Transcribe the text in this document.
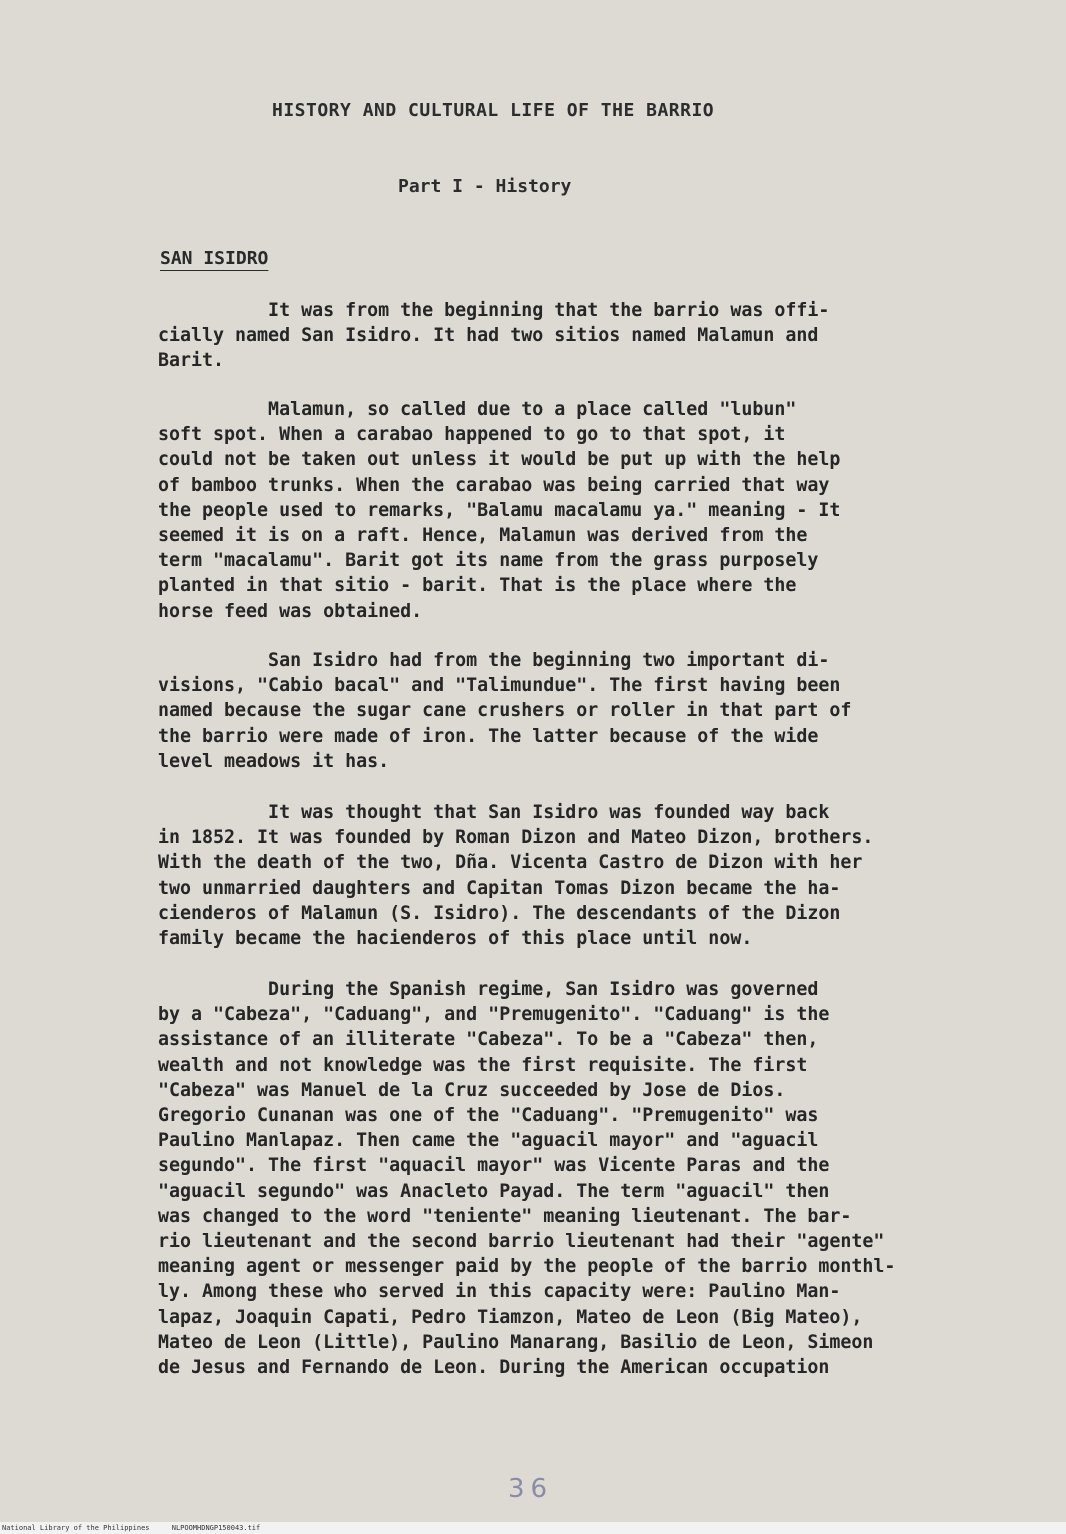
HISTORY AND CULTURAL LIFE OF THE BARRIO
Part I - History
SAN ISIDRO

It was from the beginning that the barrio was offi-
cially named San Isidro. It had two sitios named Malamun and
Barit.

Malamun, so called due to a place called "lubun"
soft spot. When a carabao happened to go to that spot, it
could not be taken out unless it would be put up with the help
of bamboo trunks. When the carabao was being carried that way
the people used to remarks, "Balamu macalamu ya." meaning - It
seemed it is on a raft. Hence, Malamun was derived from the
term "macalamu". Barit got its name from the grass purposely
planted in that sitio - barit. That is the place where the
horse feed was obtained.

San Isidro had from the beginning two important di-
visions, "Cabio bacal" and "Talimundue". The first having been
named because the sugar cane crushers or roller in that part of
the barrio were made of iron. The latter because of the wide
level meadows it has.

It was thought that San Isidro was founded way back
in 1852. It was founded by Roman Dizon and Mateo Dizon, brothers.
With the death of the two, Dña. Vicenta Castro de Dizon with her
two unmarried daughters and Capitan Tomas Dizon became the ha-
cienderos of Malamun (S. Isidro). The descendants of the Dizon
family became the hacienderos of this place until now.

During the Spanish regime, San Isidro was governed
by a "Cabeza", "Caduang", and "Premugenito". "Caduang" is the
assistance of an illiterate "Cabeza". To be a "Cabeza" then,
wealth and not knowledge was the first requisite. The first
"Cabeza" was Manuel de la Cruz succeeded by Jose de Dios.
Gregorio Cunanan was one of the "Caduang". "Premugenito" was
Paulino Manlapaz. Then came the "aguacil mayor" and "aguacil
segundo". The first "aquacil mayor" was Vicente Paras and the
"aguacil segundo" was Anacleto Payad. The term "aguacil" then
was changed to the word "teniente" meaning lieutenant. The bar-
rio lieutenant and the second barrio lieutenant had their "agente"
meaning agent or messenger paid by the people of the barrio monthl-
ly. Among these who served in this capacity were: Paulino Man-
lapaz, Joaquin Capati, Pedro Tiamzon, Mateo de Leon (Big Mateo),
Mateo de Leon (Little), Paulino Manarang, Basilio de Leon, Simeon
de Jesus and Fernando de Leon. During the American occupation

36
National Library of the Philippines	NLPOOMHDNGP150043.tif
